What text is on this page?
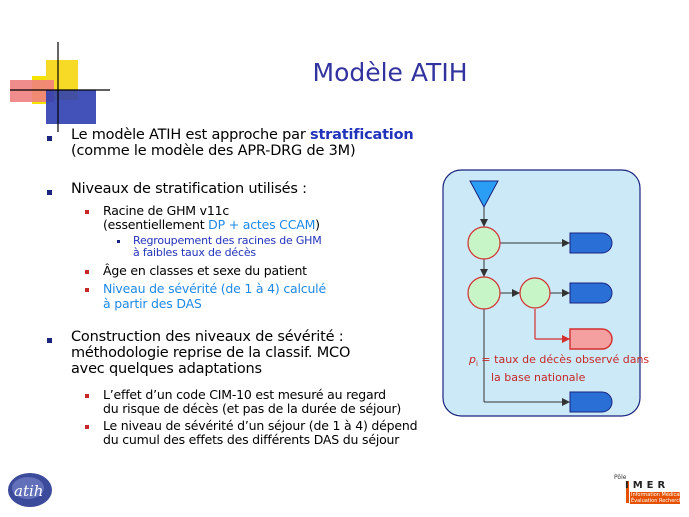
Modèle ATIH
Le modèle ATIH est approche par stratification
(comme le modèle des APR-DRG de 3M)
Niveaux de stratification utilisés :
Racine de GHM v11c
(essentiellement DP + actes CCAM)
Regroupement des racines de GHM
à faibles taux de décès
Âge en classes et sexe du patient
Niveau de sévérité (de 1 à 4) calculé
à partir des DAS
Construction des niveaux de sévérité :
méthodologie reprise de la classif. MCO
avec quelques adaptations
L’effet d’un code CIM-10 est mesuré au regard
du risque de décès (et pas de la durée de séjour)
Le niveau de sévérité d’un séjour (de 1 à 4) dépend
du cumul des effets des différents DAS du séjour
$p_i$ = taux de décès observé dans
la base nationale
atih
Pôle
IMER
Information Médicale
Évaluation Recherche
